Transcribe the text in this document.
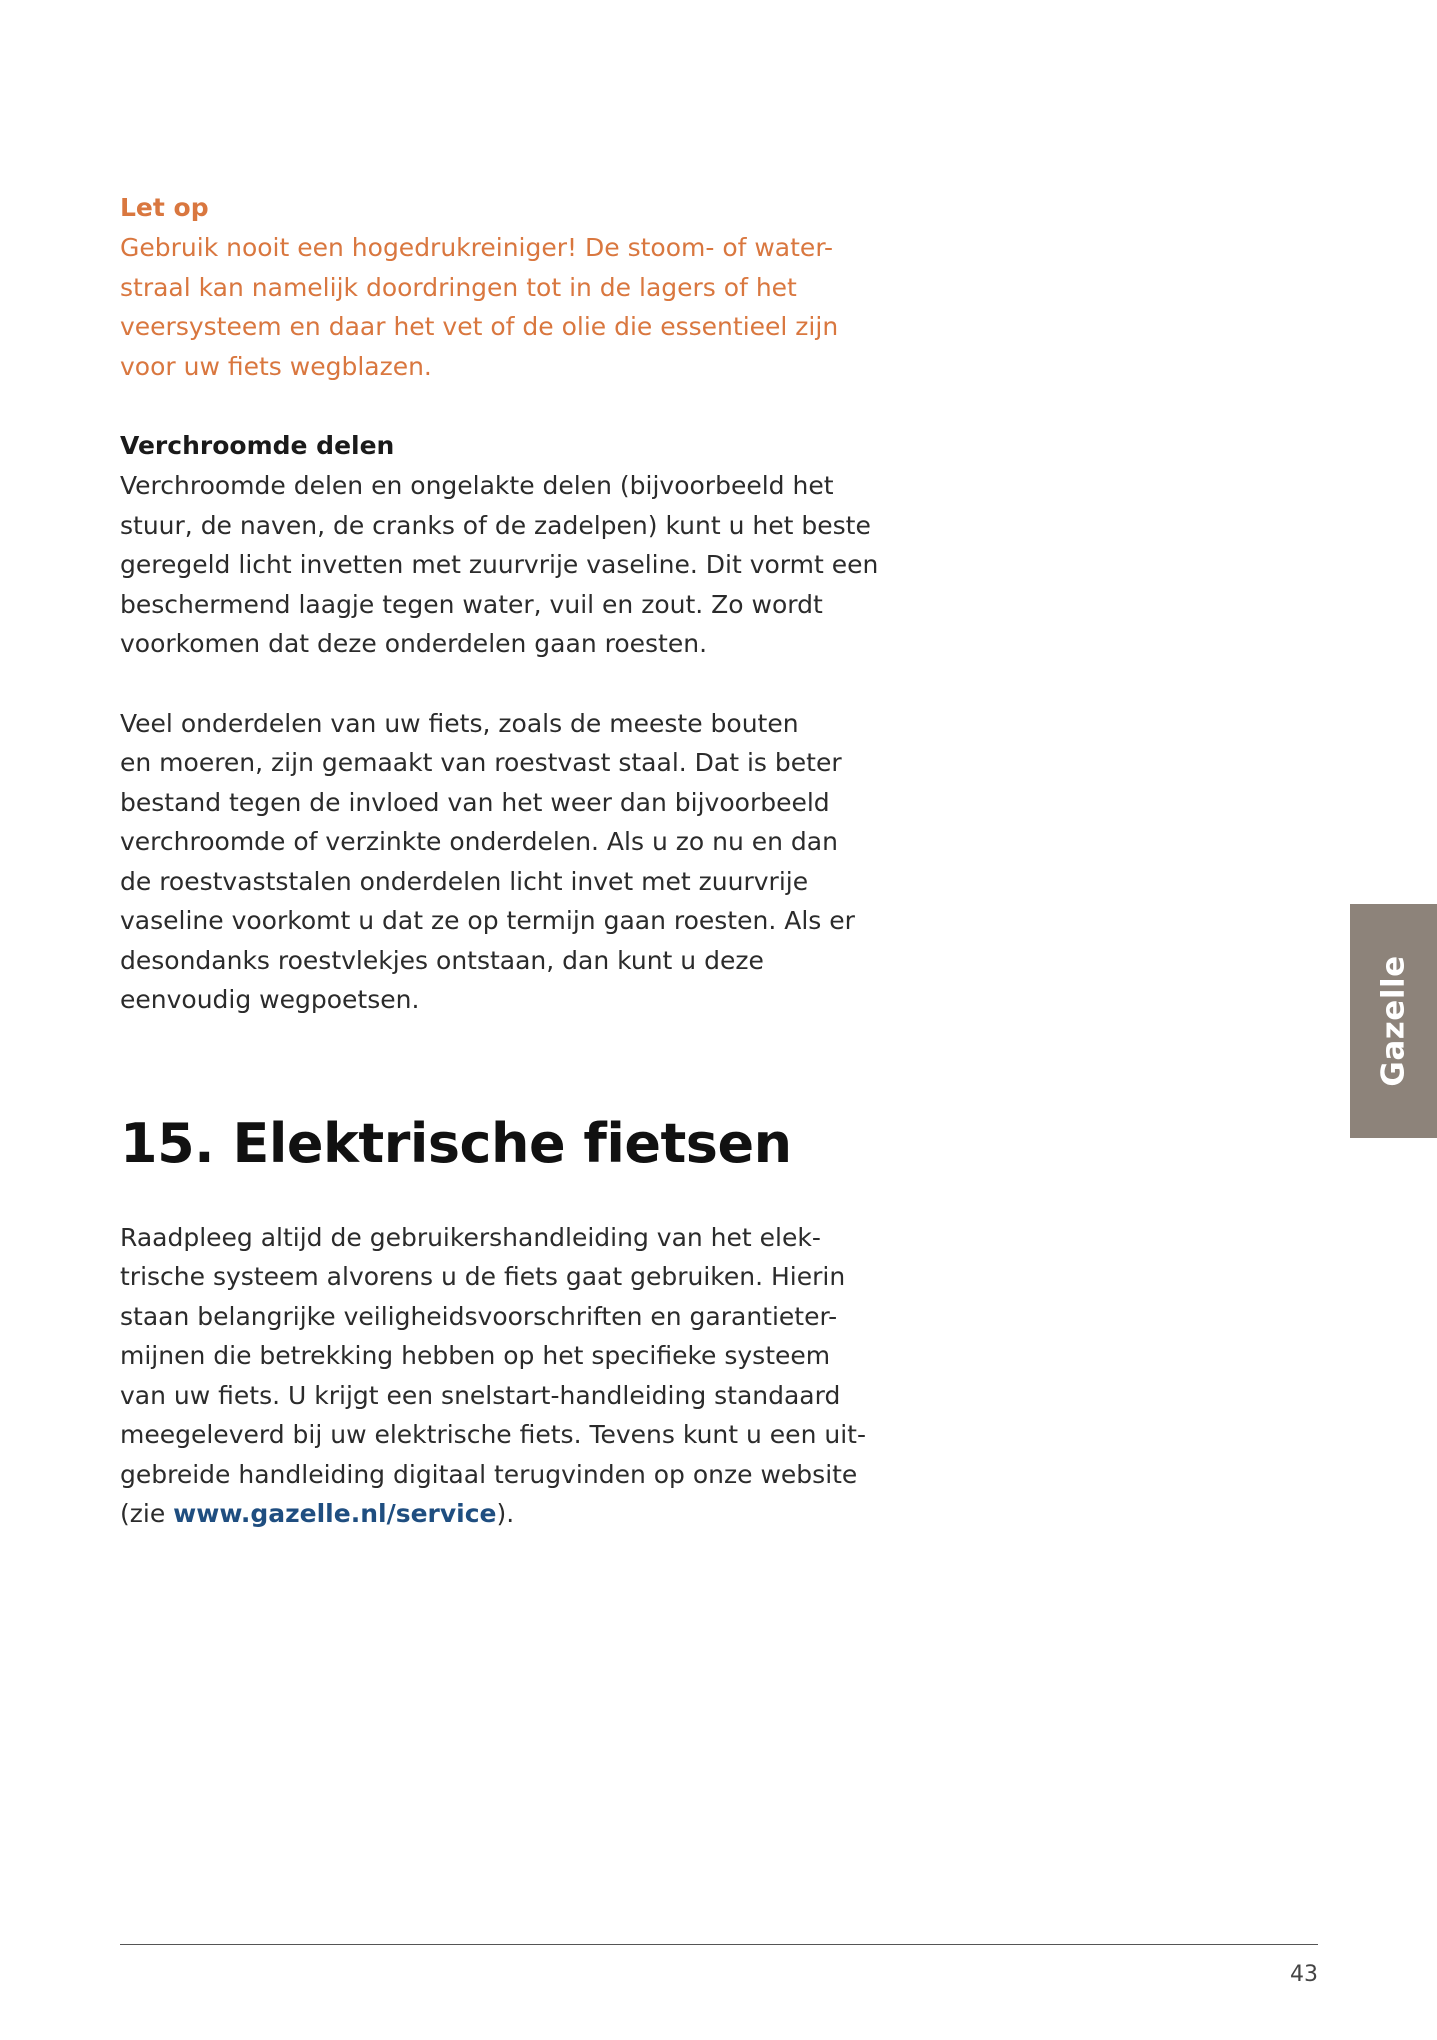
Let op

Gebruik nooit een hogedrukreiniger! De stoom- of water-
straal kan namelijk doordringen tot in de lagers of het
veersysteem en daar het vet of de olie die essentieel zijn
voor uw fiets wegblazen.

Verchroomde delen

Verchroomde delen en ongelakte delen (bijvoorbeeld het
stuur, de naven, de cranks of de zadelpen) kunt u het beste
geregeld licht invetten met zuurvrije vaseline. Dit vormt een
beschermend laagje tegen water, vuil en zout. Zo wordt
voorkomen dat deze onderdelen gaan roesten.

Veel onderdelen van uw fiets, zoals de meeste bouten
en moeren, zijn gemaakt van roestvast staal. Dat is beter
bestand tegen de invloed van het weer dan bijvoorbeeld
verchroomde of verzinkte onderdelen. Als u zo nu en dan
de roestvaststalen onderdelen licht invet met zuurvrije
vaseline voorkomt u dat ze op termijn gaan roesten. Als er
desondanks roestvlekjes ontstaan, dan kunt u deze
eenvoudig wegpoetsen.

15. Elektrische fietsen

Raadpleeg altijd de gebruikershandleiding van het elek-
trische systeem alvorens u de fiets gaat gebruiken. Hierin
staan belangrijke veiligheidsvoorschriften en garantieter-
mijnen die betrekking hebben op het specifieke systeem
van uw fiets. U krijgt een snelstart-handleiding standaard
meegeleverd bij uw elektrische fiets. Tevens kunt u een uit-
gebreide handleiding digitaal terugvinden op onze website
(zie www.gazelle.nl/service).

Gazelle
43
